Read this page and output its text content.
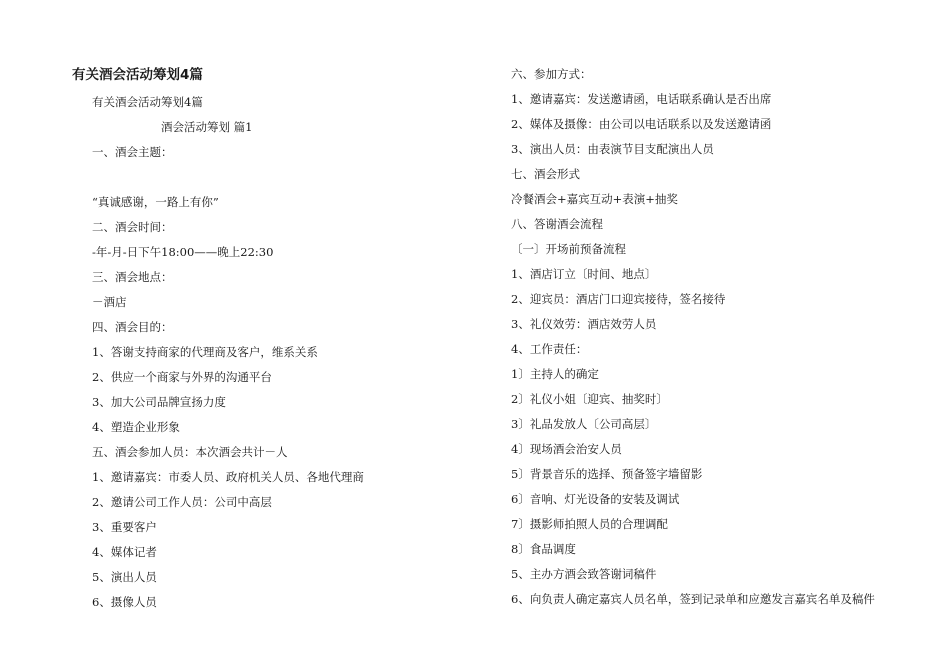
有关酒会活动筹划4篇
有关酒会活动筹划4篇
酒会活动筹划 篇1
一、酒会主题：
“真诚感谢，一路上有你”
二、酒会时间：
-年-月-日下午18:00——晚上22:30
三、酒会地点：
－酒店
四、酒会目的：
1、答谢支持商家的代理商及客户，维系关系
2、供应一个商家与外界的沟通平台
3、加大公司品牌宣扬力度
4、塑造企业形象
五、酒会参加人员：本次酒会共计－人
1、邀请嘉宾：市委人员、政府机关人员、各地代理商
2、邀请公司工作人员：公司中高层
3、重要客户
4、媒体记者
5、演出人员
6、摄像人员
六、参加方式：
1、邀请嘉宾：发送邀请函，电话联系确认是否出席
2、媒体及摄像：由公司以电话联系以及发送邀请函
3、演出人员：由表演节目支配演出人员
七、酒会形式
冷餐酒会+嘉宾互动+表演+抽奖
八、答谢酒会流程
〔一〕开场前预备流程
1、酒店订立〔时间、地点〕
2、迎宾员：酒店门口迎宾接待，签名接待
3、礼仪效劳：酒店效劳人员
4、工作责任：
1〕主持人的确定
2〕礼仪小姐〔迎宾、抽奖时〕
3〕礼品发放人〔公司高层〕
4〕现场酒会治安人员
5〕背景音乐的选择、预备签字墙留影
6〕音响、灯光设备的安装及调试
7〕摄影师拍照人员的合理调配
8〕食品调度
5、主办方酒会致答谢词稿件
6、向负责人确定嘉宾人员名单，签到记录单和应邀发言嘉宾名单及稿件
